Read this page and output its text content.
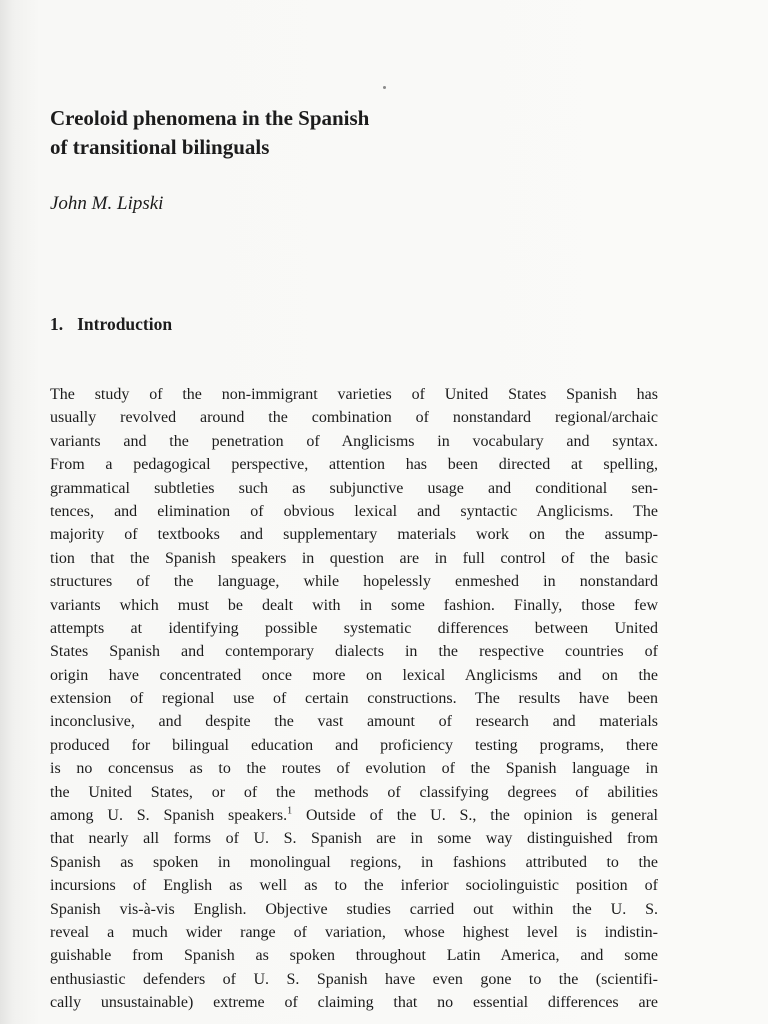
Creoloid phenomena in the Spanish
of transitional bilinguals

John M. Lipski

1. Introduction
The study of the non-immigrant varieties of United States Spanish has
usually revolved around the combination of nonstandard regional/archaic
variants and the penetration of Anglicisms in vocabulary and syntax.
From a pedagogical perspective, attention has been directed at spelling,
grammatical subtleties such as subjunctive usage and conditional sen-
tences, and elimination of obvious lexical and syntactic Anglicisms. The
majority of textbooks and supplementary materials work on the assump-
tion that the Spanish speakers in question are in full control of the basic
structures of the language, while hopelessly enmeshed in nonstandard
variants which must be dealt with in some fashion. Finally, those few
attempts at identifying possible systematic differences between United
States Spanish and contemporary dialects in the respective countries of
origin have concentrated once more on lexical Anglicisms and on the
extension of regional use of certain constructions. The results have been
inconclusive, and despite the vast amount of research and materials
produced for bilingual education and proficiency testing programs, there
is no concensus as to the routes of evolution of the Spanish language in
the United States, or of the methods of classifying degrees of abilities
among U. S. Spanish speakers.$^1$ Outside of the U. S., the opinion is general
that nearly all forms of U. S. Spanish are in some way distinguished from
Spanish as spoken in monolingual regions, in fashions attributed to the
incursions of English as well as to the inferior sociolinguistic position of
Spanish vis-à-vis English. Objective studies carried out within the U. S.
reveal a much wider range of variation, whose highest level is indistin-
guishable from Spanish as spoken throughout Latin America, and some
enthusiastic defenders of U. S. Spanish have even gone to the (scientifi-
cally unsustainable) extreme of claiming that no essential differences are
